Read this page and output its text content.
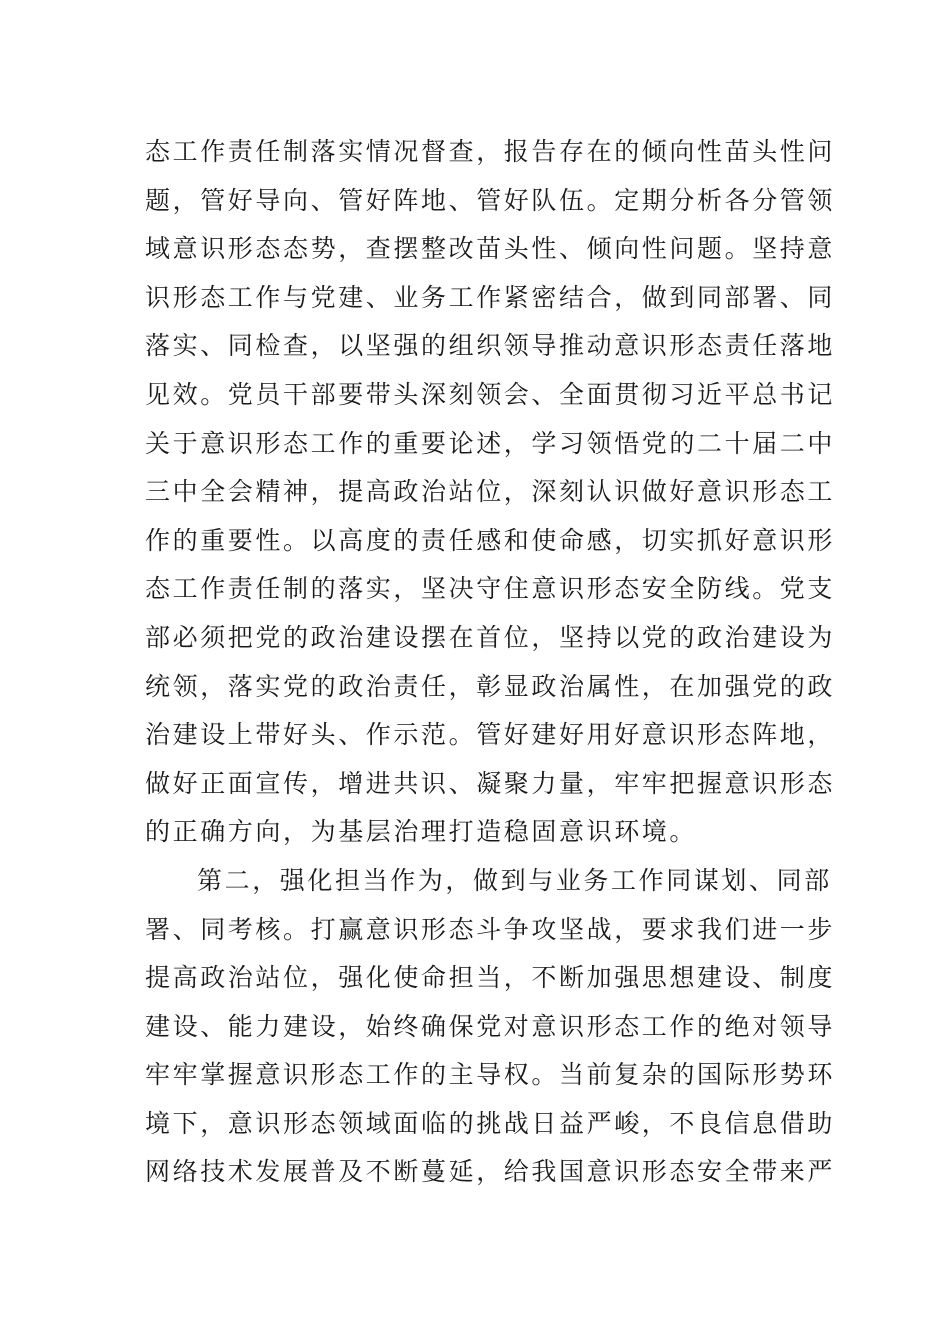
态工作责任制落实情况督查，报告存在的倾向性苗头性问
题，管好导向、管好阵地、管好队伍。定期分析各分管领
域意识形态态势，查摆整改苗头性、倾向性问题。坚持意
识形态工作与党建、业务工作紧密结合，做到同部署、同
落实、同检查，以坚强的组织领导推动意识形态责任落地
见效。党员干部要带头深刻领会、全面贯彻习近平总书记
关于意识形态工作的重要论述，学习领悟党的二十届二中
三中全会精神，提高政治站位，深刻认识做好意识形态工
作的重要性。以高度的责任感和使命感，切实抓好意识形
态工作责任制的落实，坚决守住意识形态安全防线。党支
部必须把党的政治建设摆在首位，坚持以党的政治建设为
统领，落实党的政治责任，彰显政治属性，在加强党的政
治建设上带好头、作示范。管好建好用好意识形态阵地，
做好正面宣传，增进共识、凝聚力量，牢牢把握意识形态
的正确方向，为基层治理打造稳固意识环境。
第二，强化担当作为，做到与业务工作同谋划、同部
署、同考核。打赢意识形态斗争攻坚战，要求我们进一步
提高政治站位，强化使命担当，不断加强思想建设、制度
建设、能力建设，始终确保党对意识形态工作的绝对领导
牢牢掌握意识形态工作的主导权。当前复杂的国际形势环
境下，意识形态领域面临的挑战日益严峻，不良信息借助
网络技术发展普及不断蔓延，给我国意识形态安全带来严
